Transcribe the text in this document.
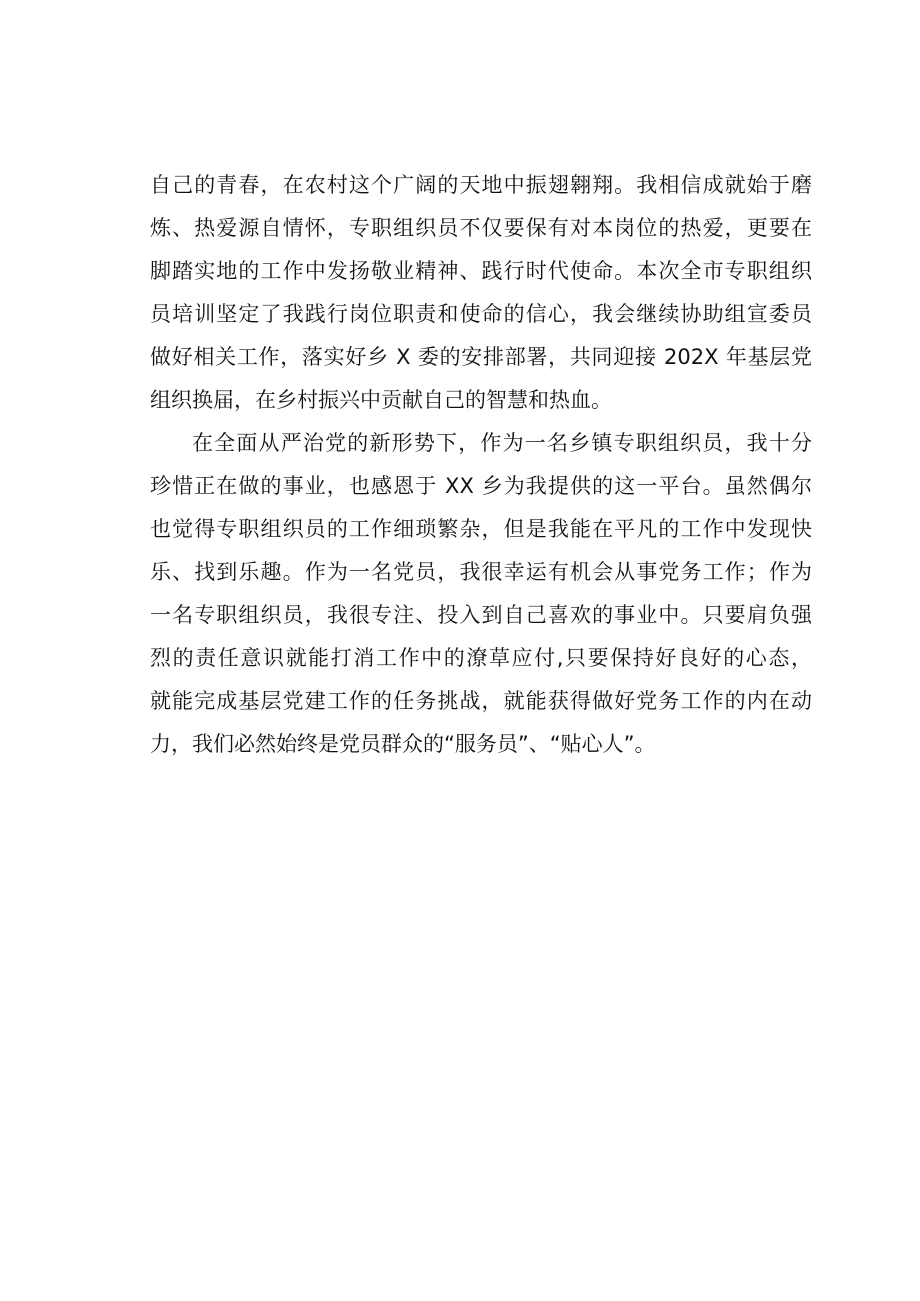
自己的青春，在农村这个广阔的天地中振翅翱翔。我相信成就始于磨
炼、热爱源自情怀，专职组织员不仅要保有对本岗位的热爱，更要在
脚踏实地的工作中发扬敬业精神、践行时代使命。本次全市专职组织
员培训坚定了我践行岗位职责和使命的信心，我会继续协助组宣委员
做好相关工作，落实好乡 X 委的安排部署，共同迎接 202X 年基层党
组织换届，在乡村振兴中贡献自己的智慧和热血。
在全面从严治党的新形势下，作为一名乡镇专职组织员，我十分
珍惜正在做的事业，也感恩于 XX 乡为我提供的这一平台。虽然偶尔
也觉得专职组织员的工作细琐繁杂，但是我能在平凡的工作中发现快
乐、找到乐趣。作为一名党员，我很幸运有机会从事党务工作；作为
一名专职组织员，我很专注、投入到自己喜欢的事业中。只要肩负强
烈的责任意识就能打消工作中的潦草应付,只要保持好良好的心态，
就能完成基层党建工作的任务挑战，就能获得做好党务工作的内在动
力，我们必然始终是党员群众的“服务员”、“贴心人”。
